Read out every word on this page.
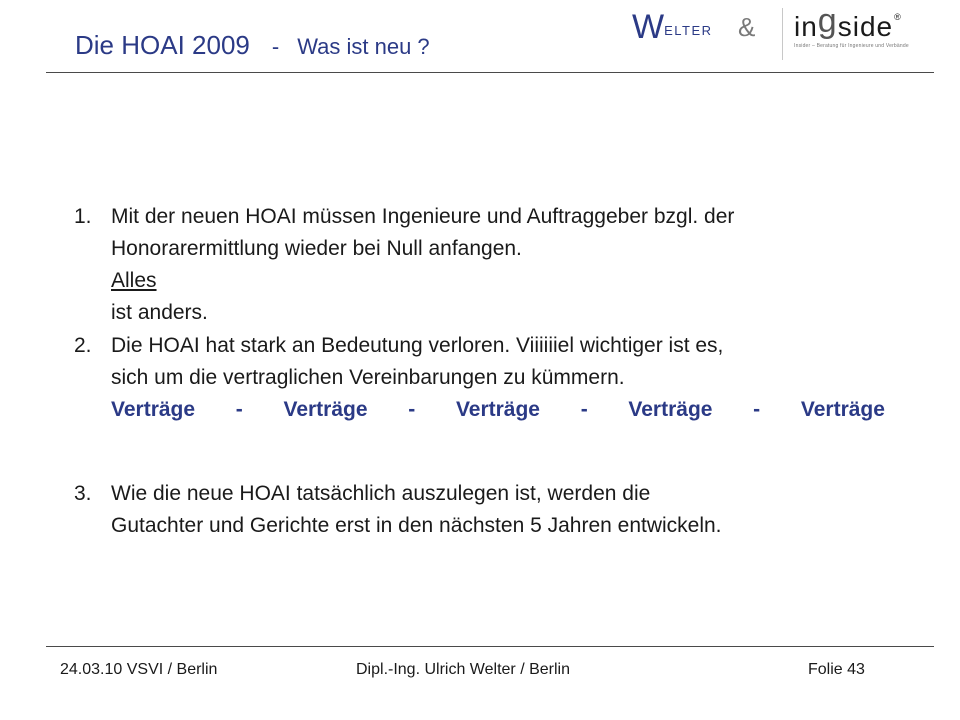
Die HOAI 2009 - Was ist neu ?
WELTER & ingside®
Insider – Beratung für Ingenieure und Verbände
1. Mit der neuen HOAI müssen Ingenieure und Auftraggeber bzgl. der
Honorarermittlung wieder bei Null anfangen.
Alles
ist anders.
2. Die HOAI hat stark an Bedeutung verloren. Viiiiiiel wichtiger ist es,
sich um die vertraglichen Vereinbarungen zu kümmern.
Verträge - Verträge - Verträge - Verträge - Verträge
3. Wie die neue HOAI tatsächlich auszulegen ist, werden die
Gutachter und Gerichte erst in den nächsten 5 Jahren entwickeln.
24.03.10 VSVI / Berlin	Dipl.-Ing. Ulrich Welter / Berlin	Folie 43
